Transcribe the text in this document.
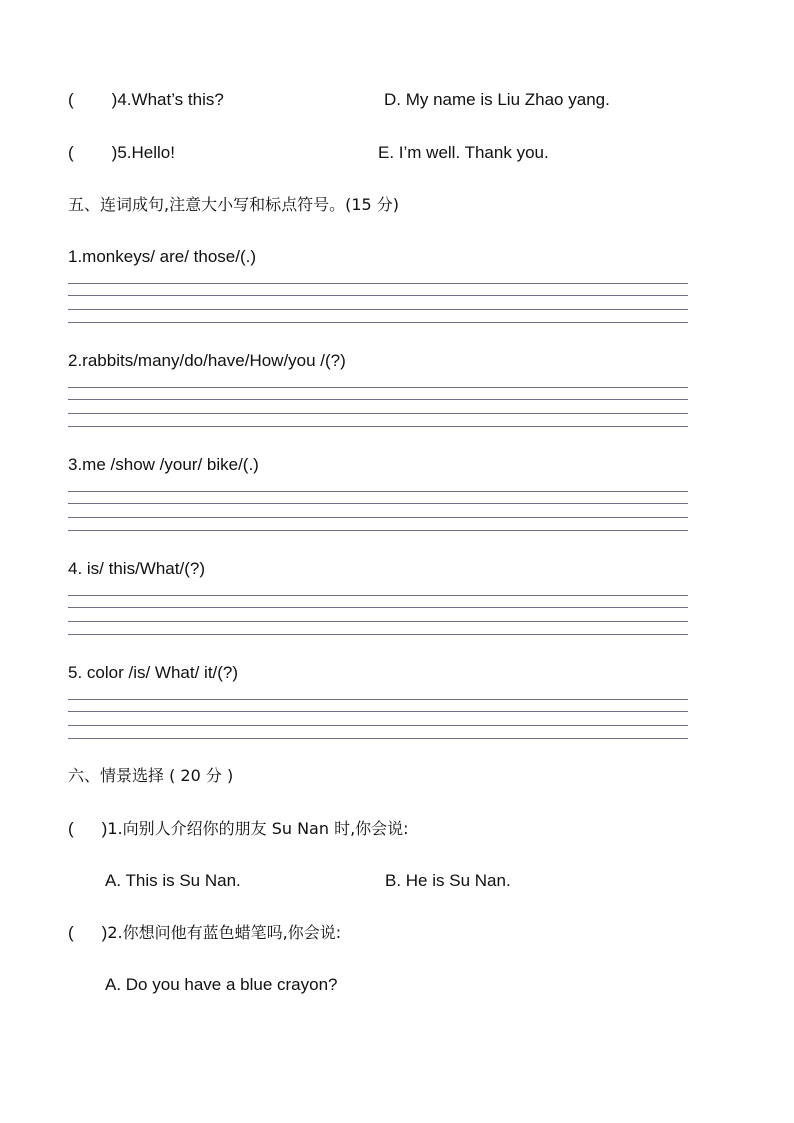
( )4.What’s this?	D. My name is Liu Zhao yang.
( )5.Hello!	E. I’m well. Thank you.
五、连词成句,注意大小写和标点符号。(15 分)
1.monkeys/ are/ those/(.)
2.rabbits/many/do/have/How/you /(?)
3.me /show /your/ bike/(.)
4. is/ this/What/(?)
5. color /is/ What/ it/(?)
六、情景选择 ( 20 分 )
( )1.向别人介绍你的朋友 Su Nan 时,你会说:
A. This is Su Nan.	B. He is Su Nan.
( )2.你想问他有蓝色蜡笔吗,你会说:
A. Do you have a blue crayon?
